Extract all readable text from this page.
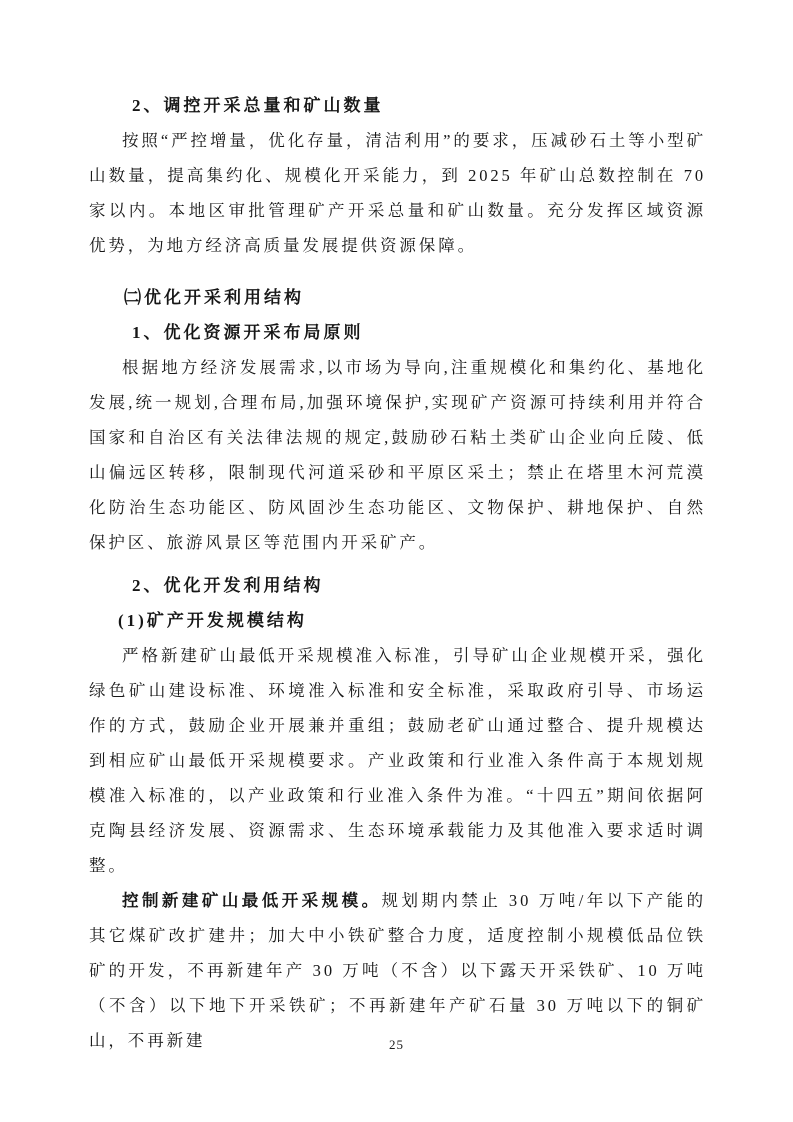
2、调控开采总量和矿山数量

按照“严控增量，优化存量，清洁利用”的要求，压减砂石土等小型矿山数量，提高集约化、规模化开采能力，到 2025 年矿山总数控制在 70 家以内。本地区审批管理矿产开采总量和矿山数量。充分发挥区域资源优势，为地方经济高质量发展提供资源保障。

㈡优化开采利用结构
1、优化资源开采布局原则

根据地方经济发展需求,以市场为导向,注重规模化和集约化、基地化发展,统一规划,合理布局,加强环境保护,实现矿产资源可持续利用并符合国家和自治区有关法律法规的规定,鼓励砂石粘土类矿山企业向丘陵、低山偏远区转移，限制现代河道采砂和平原区采土；禁止在塔里木河荒漠化防治生态功能区、防风固沙生态功能区、文物保护、耕地保护、自然保护区、旅游风景区等范围内开采矿产。

2、优化开发利用结构
(1)矿产开发规模结构

严格新建矿山最低开采规模准入标准，引导矿山企业规模开采，强化绿色矿山建设标准、环境准入标准和安全标准，采取政府引导、市场运作的方式，鼓励企业开展兼并重组；鼓励老矿山通过整合、提升规模达到相应矿山最低开采规模要求。产业政策和行业准入条件高于本规划规模准入标准的，以产业政策和行业准入条件为准。“十四五”期间依据阿克陶县经济发展、资源需求、生态环境承载能力及其他准入要求适时调整。

控制新建矿山最低开采规模。规划期内禁止 30 万吨/年以下产能的其它煤矿改扩建井；加大中小铁矿整合力度，适度控制小规模低品位铁矿的开发，不再新建年产 30 万吨（不含）以下露天开采铁矿、10 万吨（不含）以下地下开采铁矿；不再新建年产矿石量 30 万吨以下的铜矿山，不再新建	25
